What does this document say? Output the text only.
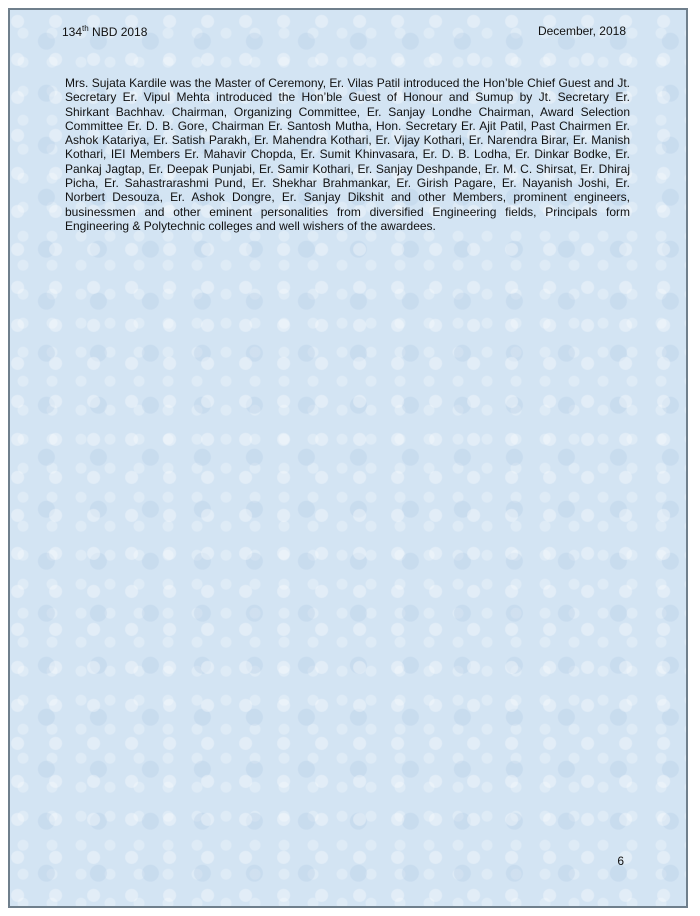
134th NBD 2018	December, 2018

Mrs. Sujata Kardile was the Master of Ceremony, Er. Vilas Patil introduced the Hon’ble Chief Guest and Jt. Secretary Er. Vipul Mehta introduced the Hon’ble Guest of Honour and Sumup by Jt. Secretary Er. Shirkant Bachhav. Chairman, Organizing Committee, Er. Sanjay Londhe Chairman, Award Selection Committee Er. D. B. Gore, Chairman Er. Santosh Mutha, Hon. Secretary Er. Ajit Patil, Past Chairmen Er. Ashok Katariya, Er. Satish Parakh, Er. Mahendra Kothari, Er. Vijay Kothari, Er. Narendra Birar, Er. Manish Kothari, IEI Members Er. Mahavir Chopda, Er. Sumit Khinvasara, Er. D. B. Lodha, Er. Dinkar Bodke, Er. Pankaj Jagtap, Er. Deepak Punjabi, Er. Samir Kothari, Er. Sanjay Deshpande, Er. M. C. Shirsat, Er. Dhiraj Picha, Er. Sahastrarashmi Pund, Er. Shekhar Brahmankar, Er. Girish Pagare, Er. Nayanish Joshi, Er. Norbert Desouza, Er. Ashok Dongre, Er. Sanjay Dikshit and other Members, prominent engineers, businessmen and other eminent personalities from diversified Engineering fields, Principals form Engineering & Polytechnic colleges and well wishers of the awardees.

6
